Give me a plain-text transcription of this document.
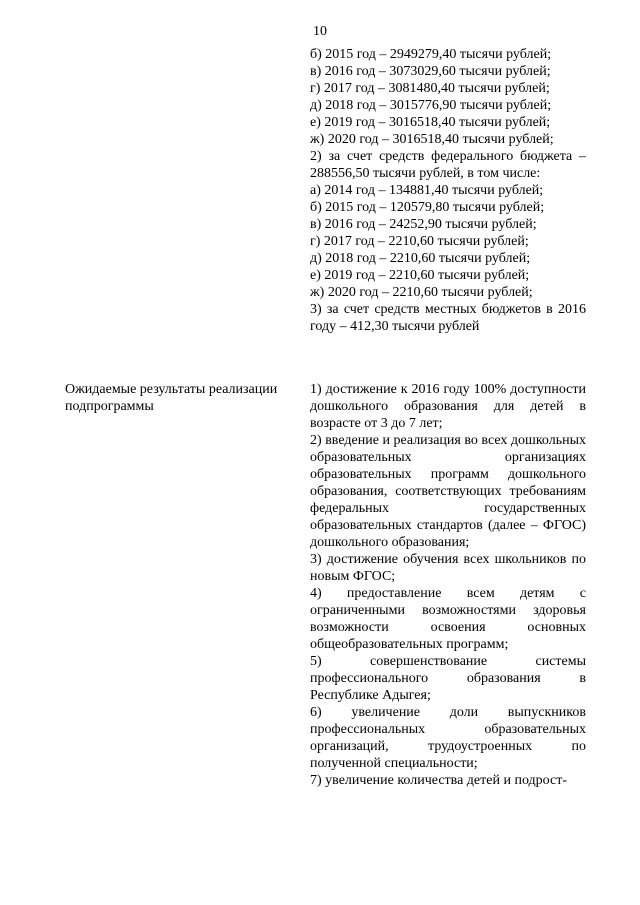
10
б) 2015 год – 2949279,40 тысячи рублей;
в) 2016 год – 3073029,60 тысячи рублей;
г) 2017 год – 3081480,40 тысячи рублей;
д) 2018 год – 3015776,90 тысячи рублей;
е) 2019 год – 3016518,40 тысячи рублей;
ж) 2020 год – 3016518,40 тысячи рублей;
2) за счет средств федерального бюджета – 288556,50 тысячи рублей, в том числе:
а) 2014 год – 134881,40 тысячи рублей;
б) 2015 год – 120579,80 тысячи рублей;
в) 2016 год – 24252,90 тысячи рублей;
г) 2017 год – 2210,60 тысячи рублей;
д) 2018 год – 2210,60 тысячи рублей;
е) 2019 год – 2210,60 тысячи рублей;
ж) 2020 год – 2210,60 тысячи рублей;
3) за счет средств местных бюджетов в 2016 году – 412,30 тысячи рублей
Ожидаемые результаты реализации подпрограммы

1) достижение к 2016 году 100% доступности дошкольного образования для детей в возрасте от 3 до 7 лет;

2) введение и реализация во всех дошкольных образовательных организациях образовательных программ дошкольного образования, соответствующих требованиям федеральных государственных образовательных стандартов (далее – ФГОС) дошкольного образования;

3) достижение обучения всех школьников по новым ФГОС;

4) предоставление всем детям с ограниченными возможностями здоровья возможности освоения основных общеобразовательных программ;

5) совершенствование системы профессионального образования в Республике Адыгея;

6) увеличение доли выпускников профессиональных образовательных организаций, трудоустроенных по полученной специальности;

7) увеличение количества детей и подрост-
